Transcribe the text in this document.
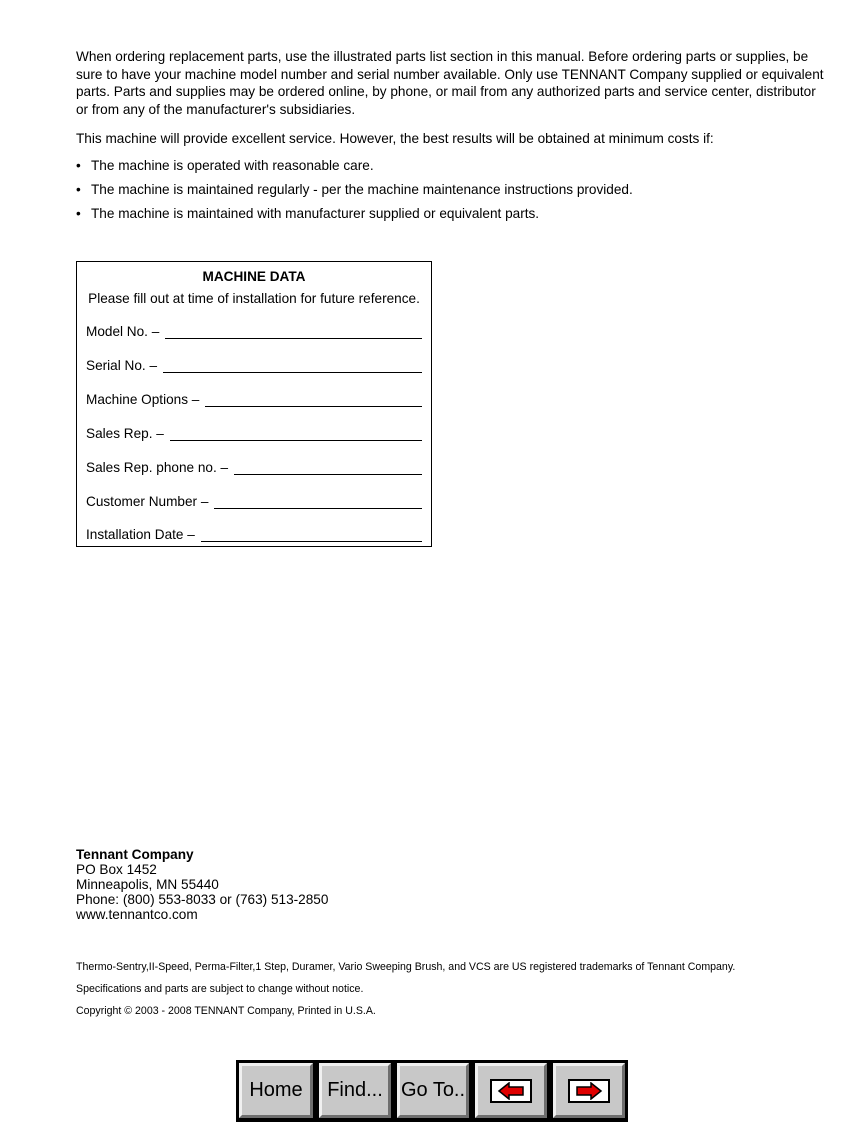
When ordering replacement parts, use the illustrated parts list section in this manual. Before ordering parts or supplies, be sure to have your machine model number and serial number available. Only use TENNANT Company supplied or equivalent parts. Parts and supplies may be ordered online, by phone, or mail from any authorized parts and service center, distributor or from any of the manufacturer's subsidiaries.

This machine will provide excellent service. However, the best results will be obtained at minimum costs if:

• The machine is operated with reasonable care.
• The machine is maintained regularly - per the machine maintenance instructions provided.
• The machine is maintained with manufacturer supplied or equivalent parts.
MACHINE DATA
Please fill out at time of installation for future reference.
Model No. –
Serial No. –
Machine Options –
Sales Rep. –
Sales Rep. phone no. –
Customer Number –
Installation Date –
Tennant Company
PO Box 1452
Minneapolis, MN 55440
Phone: (800) 553-8033 or (763) 513-2850
www.tennantco.com
Thermo-Sentry,II-Speed, Perma-Filter,1 Step, Duramer, Vario Sweeping Brush, and VCS are US registered trademarks of Tennant Company.
Specifications and parts are subject to change without notice.
Copyright © 2003 - 2008 TENNANT Company, Printed in U.S.A.
Home	Find... Go To..
